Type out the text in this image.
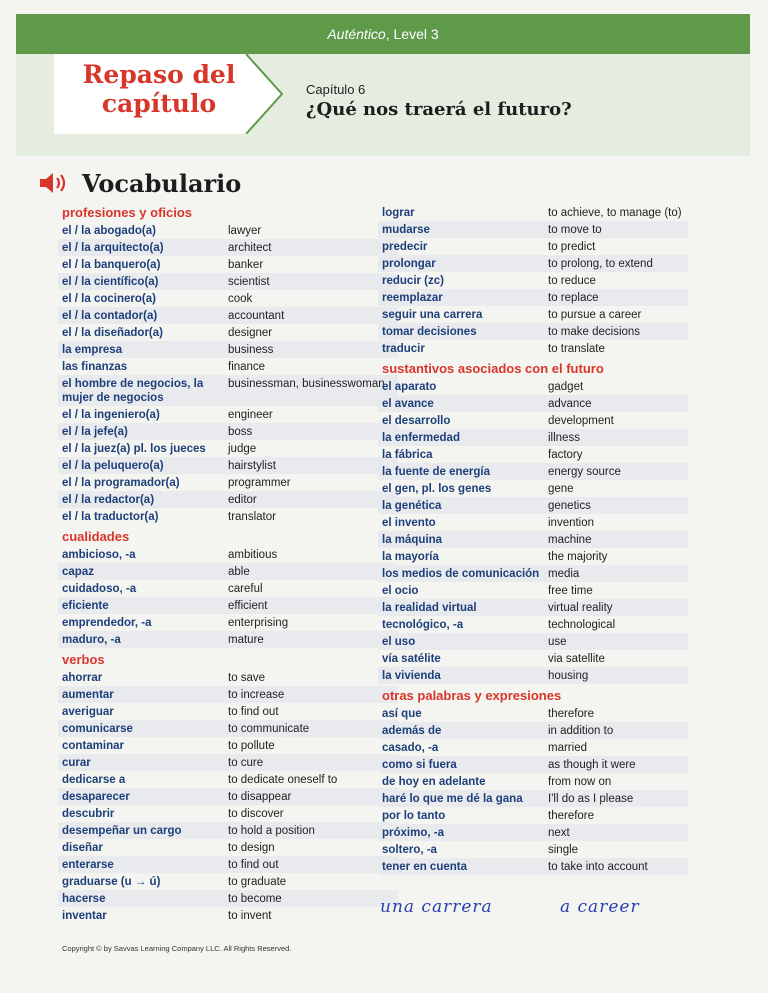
Auténtico, Level 3
Repaso del
capítulo	Capítulo 6
¿Qué nos traerá el futuro?
Vocabulario
profesiones y oficios
el / la abogado(a)	lawyer
el / la arquitecto(a)	architect
el / la banquero(a)	banker
el / la científico(a)	scientist
el / la cocinero(a)	cook
el / la contador(a)	accountant
el / la diseñador(a)	designer
la empresa	business
las finanzas	finance
el hombre de negocios, la mujer de negocios
businessman, businesswoman
el / la ingeniero(a)	engineer
el / la jefe(a)	boss
el / la juez(a) pl. los jueces	judge
el / la peluquero(a)	hairstylist
el / la programador(a)	programmer
el / la redactor(a)	editor
el / la traductor(a)	translator
cualidades
ambicioso, -a	ambitious
capaz	able
cuidadoso, -a	careful
eficiente	efficient
emprendedor, -a	enterprising
maduro, -a	mature
verbos
ahorrar	to save
aumentar	to increase
averiguar	to find out
comunicarse	to communicate
contaminar	to pollute
curar	to cure
dedicarse a	to dedicate oneself to
desaparecer	to disappear
descubrir	to discover
desempeñar un cargo	to hold a position
diseñar	to design
enterarse	to find out
graduarse (u → ú)	to graduate
hacerse	to become
inventar	to invent
lograr	to achieve, to manage (to)
mudarse	to move to
predecir	to predict
prolongar	to prolong, to extend
reducir (zc)	to reduce
reemplazar	to replace
seguir una carrera	to pursue a career
tomar decisiones	to make decisions
traducir	to translate
sustantivos asociados con el futuro
el aparato	gadget
el avance	advance
el desarrollo	development
la enfermedad	illness
la fábrica	factory
la fuente de energía	energy source
el gen, pl. los genes	gene
la genética	genetics
el invento	invention
la máquina	machine
la mayoría	the majority
los medios de comunicación media
el ocio	free time
la realidad virtual	virtual reality
tecnológico, -a	technological
el uso	use
vía satélite	via satellite
la vivienda	housing
otras palabras y expresiones
así que	therefore
además de	in addition to
casado, -a	married
como si fuera	as though it were
de hoy en adelante	from now on
haré lo que me dé la gana	I'll do as I please
por lo tanto	therefore
próximo, -a	next
soltero, -a	single
tener en cuenta	to take into account
una carrera	a career
Copyright © by Savvas Learning Company LLC. All Rights Reserved.
